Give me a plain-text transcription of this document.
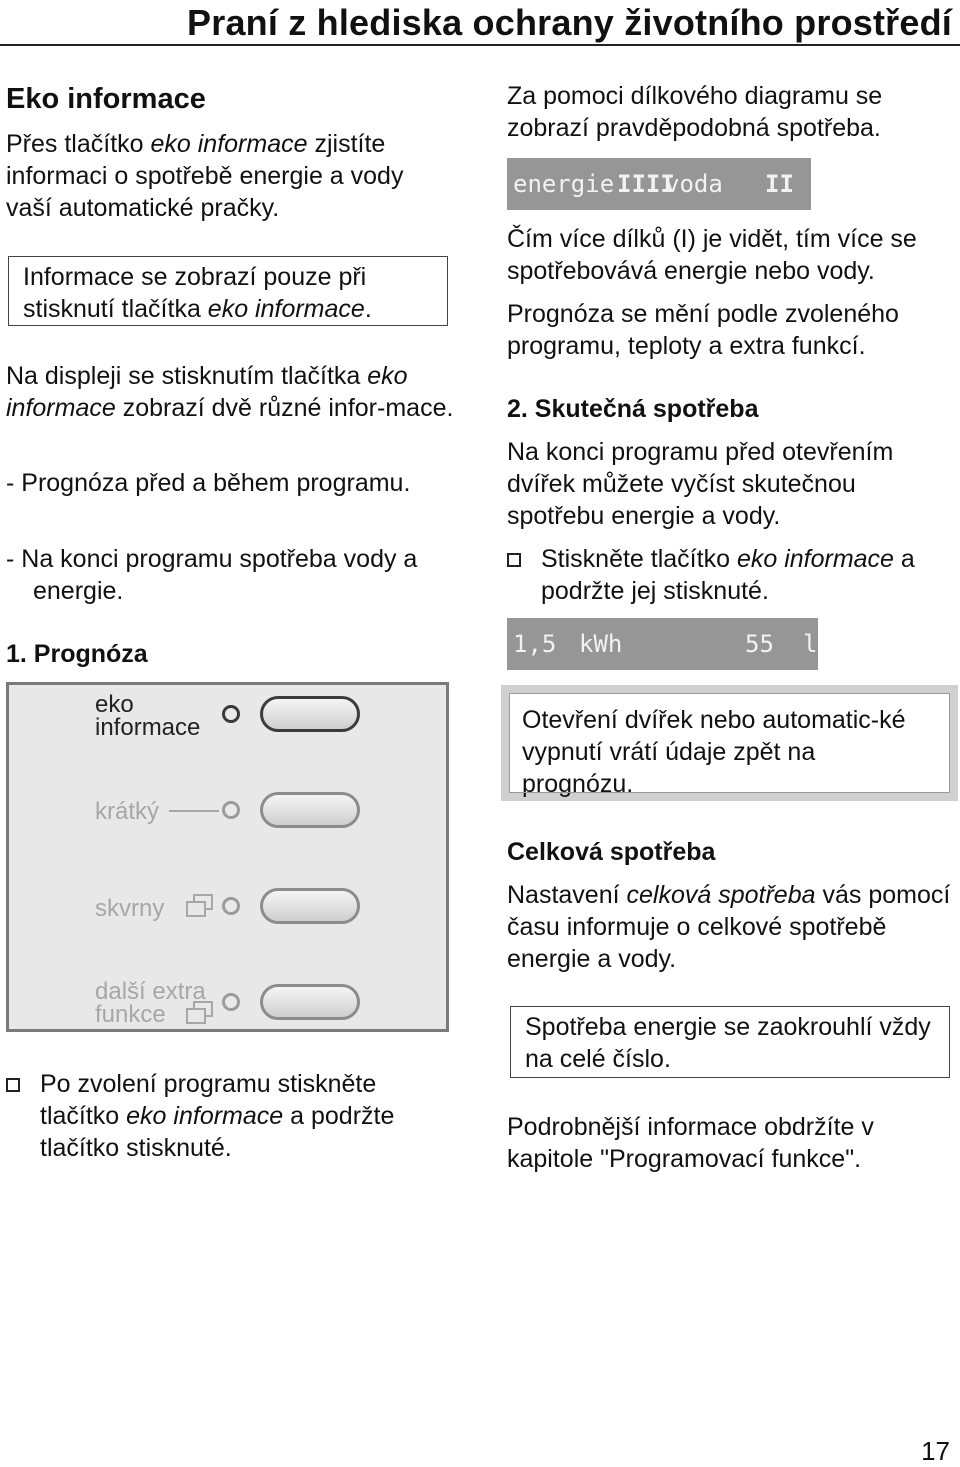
Praní z hlediska ochrany životního prostředí
Eko informace

Přes tlačítko eko informace zjistíte informaci o spotřebě energie a vody vaší automatické pračky.

Informace se zobrazí pouze při stisknutí tlačítka eko informace.

Na displeji se stisknutím tlačítka eko informace zobrazí dvě různé infor-mace.

- Prognóza před a během programu.

- Na konci programu spotřeba vody a energie.

1. Prognóza
eko informace
krátký
skvrny
další extra funkce

Po zvolení programu stiskněte tlačítko eko informace a podržte tlačítko stisknuté.

Za pomoci dílkového diagramu se zobrazí pravděpodobná spotřeba.

energie IIII
voda	II

Čím více dílků (I) je vidět, tím více se spotřebovává energie nebo vody.

Prognóza se mění podle zvoleného programu, teploty a extra funkcí.

2. Skutečná spotřeba

Na konci programu před otevřením dvířek můžete vyčíst skutečnou spotřebu energie a vody.

Stiskněte tlačítko eko informace a podržte jej stisknuté.

1,5 kWh	55	l

Otevření dvířek nebo automatic-ké vypnutí vrátí údaje zpět na prognózu.

Celková spotřeba

Nastavení celková spotřeba vás pomocí času informuje o celkové spotřebě energie a vody.

Spotřeba energie se zaokrouhlí vždy na celé číslo.

Podrobnější informace obdržíte v kapitole "Programovací funkce".

17
